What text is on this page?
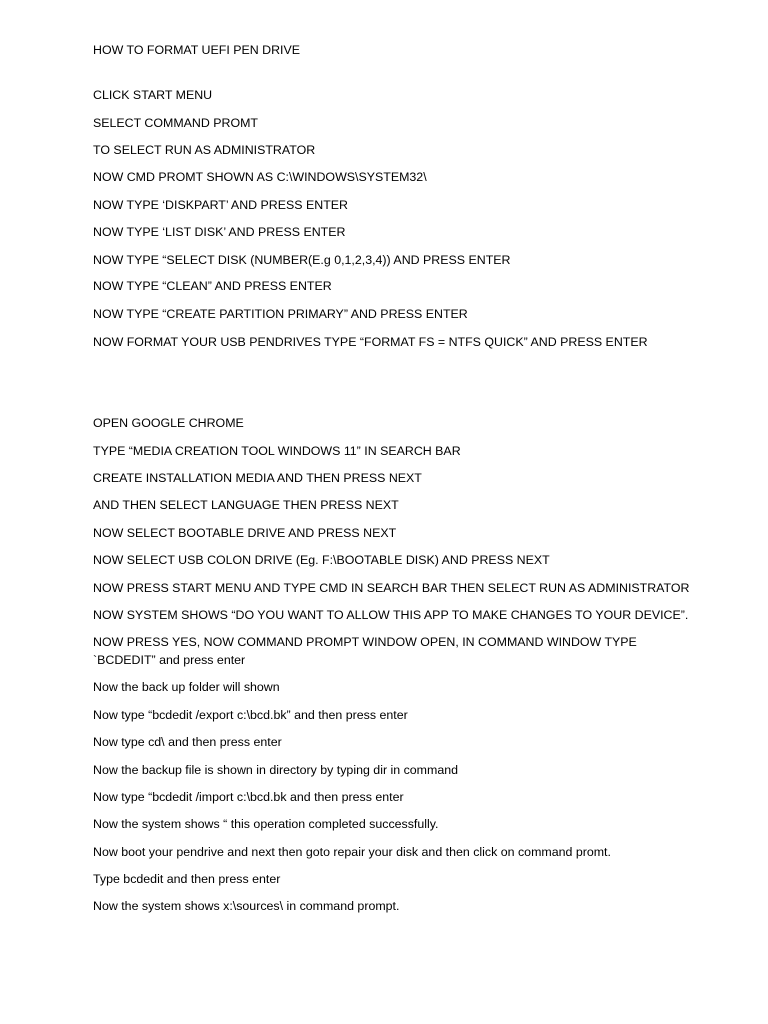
HOW TO FORMAT UEFI PEN DRIVE
CLICK START MENU
SELECT COMMAND PROMT
TO SELECT RUN AS ADMINISTRATOR
NOW CMD PROMT SHOWN AS C:\WINDOWS\SYSTEM32\
NOW TYPE ‘DISKPART’ AND PRESS ENTER
NOW TYPE ‘LIST DISK’ AND PRESS ENTER
NOW TYPE “SELECT DISK (NUMBER(E.g 0,1,2,3,4)) AND PRESS ENTER
NOW TYPE “CLEAN” AND PRESS ENTER
NOW TYPE “CREATE PARTITION PRIMARY” AND PRESS ENTER
NOW FORMAT YOUR USB PENDRIVES TYPE “FORMAT FS = NTFS QUICK” AND PRESS ENTER
OPEN GOOGLE CHROME
TYPE “MEDIA CREATION TOOL WINDOWS 11” IN SEARCH BAR
CREATE INSTALLATION MEDIA AND THEN PRESS NEXT
AND THEN SELECT LANGUAGE THEN PRESS NEXT
NOW SELECT BOOTABLE DRIVE AND PRESS NEXT
NOW SELECT USB COLON DRIVE (Eg. F:\BOOTABLE DISK) AND PRESS NEXT
NOW PRESS START MENU AND TYPE CMD IN SEARCH BAR THEN SELECT RUN AS ADMINISTRATOR
NOW SYSTEM SHOWS “DO YOU WANT TO ALLOW THIS APP TO MAKE CHANGES TO YOUR DEVICE”.
NOW PRESS YES, NOW COMMAND PROMPT WINDOW OPEN, IN COMMAND WINDOW TYPE `BCDEDIT” and press enter
Now the back up folder will shown
Now type “bcdedit /export c:\bcd.bk” and then press enter
Now type cd\ and then press enter
Now the backup file is shown in directory by typing dir in command
Now type “bcdedit /import c:\bcd.bk and then press enter
Now the system shows “ this operation completed successfully.
Now boot your pendrive and next then goto repair your disk and then click on command promt.
Type bcdedit and then press enter
Now the system shows x:\sources\ in command prompt.
